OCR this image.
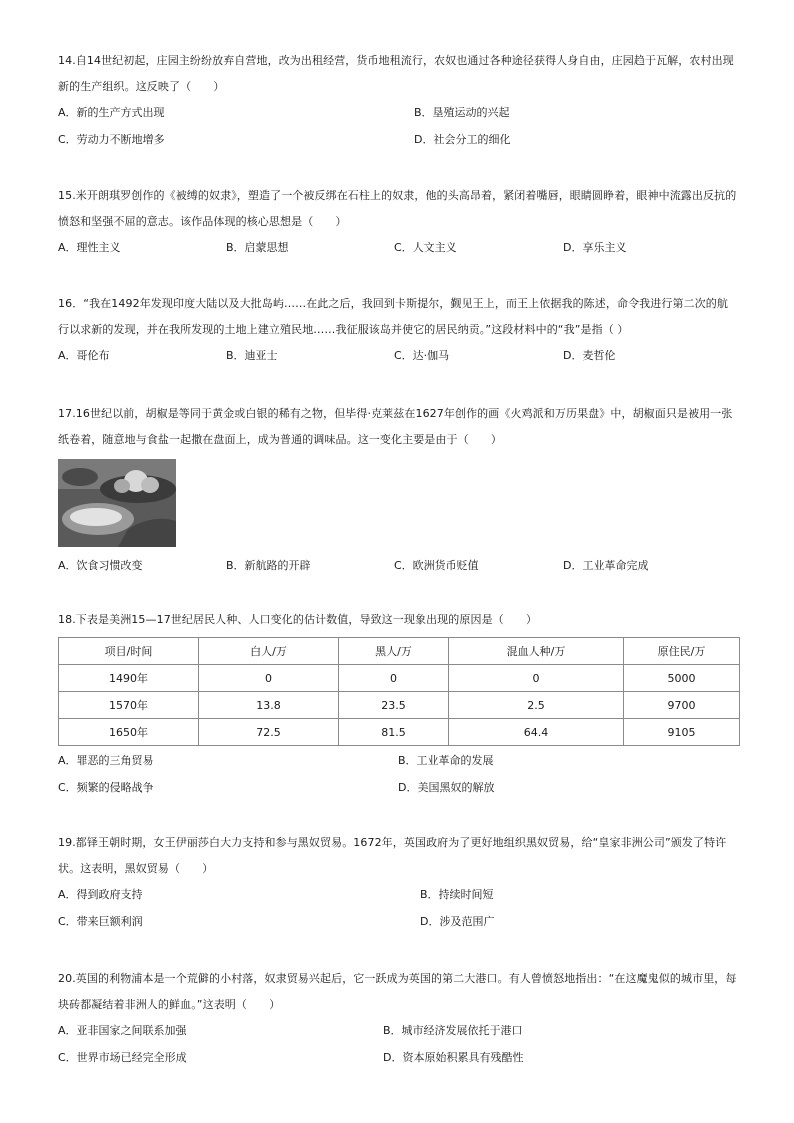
14.自14世纪初起，庄园主纷纷放弃自营地，改为出租经营，货币地租流行，农奴也通过各种途径获得人身自由，庄园趋于瓦解，农村出现新的生产组织。这反映了（　　）

A．新的生产方式出现	B．垦殖运动的兴起
C．劳动力不断地增多	D．社会分工的细化

15.米开朗琪罗创作的《被缚的奴隶》，塑造了一个被反绑在石柱上的奴隶，他的头高昂着，紧闭着嘴唇，眼睛圆睁着，眼神中流露出反抗的愤怒和坚强不屈的意志。该作品体现的核心思想是（　　）

A．理性主义	B．启蒙思想	C．人文主义	D．享乐主义

16．“我在1492年发现印度大陆以及大批岛屿……在此之后，我回到卡斯提尔，觐见王上，而王上依据我的陈述，命令我进行第二次的航行以求新的发现，并在我所发现的土地上建立殖民地……我征服该岛并使它的居民纳贡。”这段材料中的“我”是指（ ）

A．哥伦布	B．迪亚士	C．达·伽马	D．麦哲伦

17.16世纪以前，胡椒是等同于黄金或白银的稀有之物，但毕得·克莱兹在1627年创作的画《火鸡派和万历果盘》中，胡椒面只是被用一张纸卷着，随意地与食盐一起撒在盘面上，成为普通的调味品。这一变化主要是由于（　　）

A．饮食习惯改变	B．新航路的开辟	C．欧洲货币贬值	D．工业革命完成

18.下表是美洲15—17世纪居民人种、人口变化的估计数值，导致这一现象出现的原因是（　　）

项目/时间	白人/万	黑人/万	混血人种/万	原住民/万
1490年	0	0	0	5000
1570年	13.8	23.5	2.5	9700
1650年	72.5	81.5	64.4	9105
A．罪恶的三角贸易	B．工业革命的发展
C．频繁的侵略战争	D．美国黑奴的解放

19.都铎王朝时期，女王伊丽莎白大力支持和参与黑奴贸易。1672年，英国政府为了更好地组织黑奴贸易，给“皇家非洲公司”颁发了特许状。这表明，黑奴贸易（　　）

A．得到政府支持	B．持续时间短
C．带来巨额利润	D．涉及范围广

20.英国的利物浦本是一个荒僻的小村落，奴隶贸易兴起后，它一跃成为英国的第二大港口。有人曾愤怒地指出：“在这魔鬼似的城市里，每块砖都凝结着非洲人的鲜血。”这表明（　　）

A．亚非国家之间联系加强	B．城市经济发展依托于港口
C．世界市场已经完全形成	D．资本原始积累具有残酷性
